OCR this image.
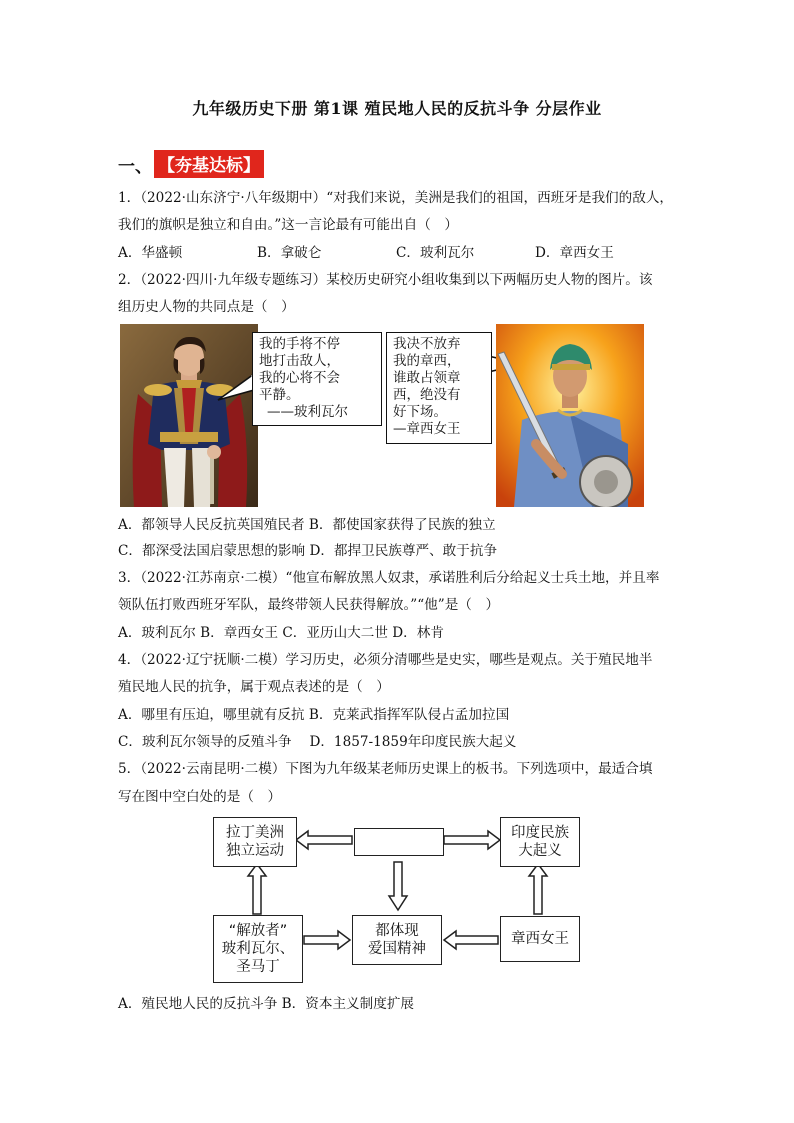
九年级历史下册 第1课 殖民地人民的反抗斗争 分层作业
一、 【夯基达标】
1．（2022·山东济宁·八年级期中）“对我们来说，美洲是我们的祖国，西班牙是我们的敌人，
我们的旗帜是独立和自由。”这一言论最有可能出自（　）
A．华盛顿	B．拿破仑	C．玻利瓦尔	D．章西女王
2．（2022·四川·九年级专题练习）某校历史研究小组收集到以下两幅历史人物的图片。该
组历史人物的共同点是（　）
我的手将不停
地打击敌人，
我的心将不会
平静。
——玻利瓦尔
我决不放弃
我的章西，
谁敢占领章
西，绝没有
好下场。
—章西女王
A．都领导人民反抗英国殖民者 B．都使国家获得了民族的独立
C．都深受法国启蒙思想的影响 D．都捍卫民族尊严、敢于抗争
3．（2022·江苏南京·二模）“他宣布解放黑人奴隶，承诺胜利后分给起义士兵土地，并且率
领队伍打败西班牙军队，最终带领人民获得解放。”“他”是（　）
A．玻利瓦尔 B．章西女王 C．亚历山大二世 D．林肯
4．（2022·辽宁抚顺·二模）学习历史，必须分清哪些是史实，哪些是观点。关于殖民地半
殖民地人民的抗争，属于观点表述的是（　）
A．哪里有压迫，哪里就有反抗 B．克莱武指挥军队侵占孟加拉国
C．玻利瓦尔领导的反殖斗争　 D．1857-1859年印度民族大起义
5．（2022·云南昆明·二模）下图为九年级某老师历史课上的板书。下列选项中，最适合填
写在图中空白处的是（　）
拉丁美洲
独立运动
印度民族
大起义
“解放者”
玻利瓦尔、
圣马丁
都体现
爱国精神
章西女王
A．殖民地人民的反抗斗争 B．资本主义制度扩展
